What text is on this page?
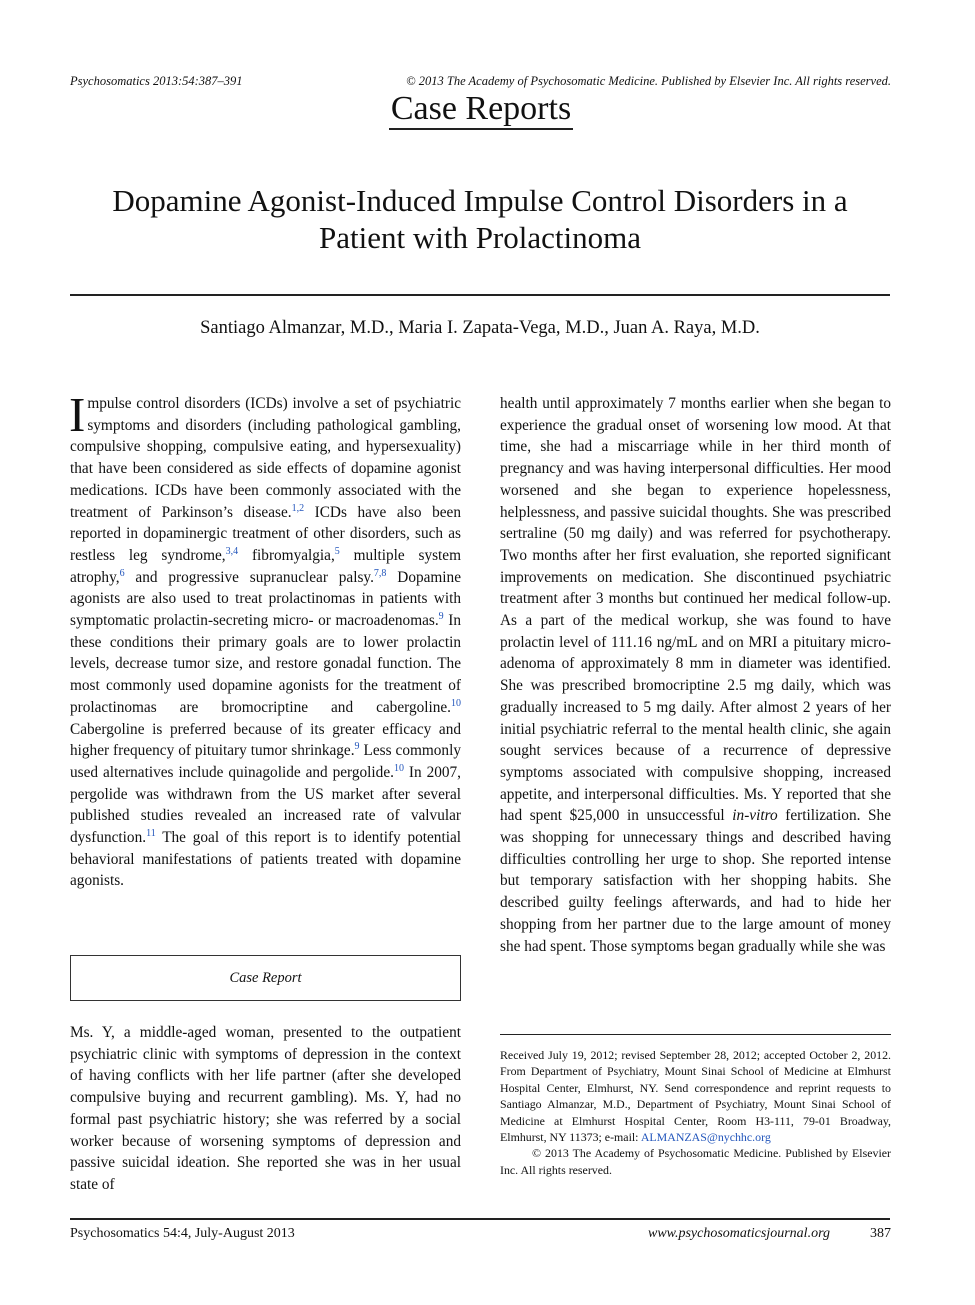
Psychosomatics 2013:54:387–391	© 2013 The Academy of Psychosomatic Medicine. Published by Elsevier Inc. All rights reserved.
Case Reports
Dopamine Agonist-Induced Impulse Control Disorders in a Patient with Prolactinoma
Santiago Almanzar, M.D., Maria I. Zapata-Vega, M.D., Juan A. Raya, M.D.

Impulse control disorders (ICDs) involve a set of psychiatric symptoms and disorders (including pathological gambling, compulsive shopping, compulsive eating, and hypersexuality) that have been considered as side effects of dopamine agonist medications. ICDs have been commonly associated with the treatment of Parkinson’s disease.$^{1,2}$ ICDs have also been reported in dopaminergic treatment of other disorders, such as restless leg syndrome,$^{3,4}$ fibromyalgia,$^5$ multiple system atrophy,$^6$ and progressive supranuclear palsy.$^{7,8}$ Dopamine agonists are also used to treat prolactinomas in patients with symptomatic prolactin-secreting micro- or macroadenomas.$^9$ In these conditions their primary goals are to lower prolactin levels, decrease tumor size, and restore gonadal function. The most commonly used dopamine agonists for the treatment of prolactinomas are bromocriptine and cabergoline.$^{10}$ Cabergoline is preferred because of its greater efficacy and higher frequency of pituitary tumor shrinkage.$^9$ Less commonly used alternatives include quinagolide and pergolide.$^{10}$ In 2007, pergolide was withdrawn from the US market after several published studies revealed an increased rate of valvular dysfunction.$^{11}$ The goal of this report is to identify potential behavioral manifestations of patients treated with dopamine agonists.

Case Report
Ms. Y, a middle-aged woman, presented to the outpatient psychiatric clinic with symptoms of depression in the context of having conflicts with her life partner (after she developed compulsive buying and recurrent gambling). Ms. Y, had no formal past psychiatric history; she was referred by a social worker because of worsening symptoms of depression and passive suicidal ideation. She reported she was in her usual state of

health until approximately 7 months earlier when she began to experience the gradual onset of worsening low mood. At that time, she had a miscarriage while in her third month of pregnancy and was having interpersonal difficulties. Her mood worsened and she began to experience hopelessness, helplessness, and passive suicidal thoughts. She was prescribed sertraline (50 mg daily) and was referred for psychotherapy. Two months after her first evaluation, she reported significant improvements on medication. She discontinued psychiatric treatment after 3 months but continued her medical follow-up. As a part of the medical workup, she was found to have prolactin level of 111.16 ng/mL and on MRI a pituitary micro-adenoma of approximately 8 mm in diameter was identified. She was prescribed bromocriptine 2.5 mg daily, which was gradually increased to 5 mg daily. After almost 2 years of her initial psychiatric referral to the mental health clinic, she again sought services because of a recurrence of depressive symptoms associated with compulsive shopping, increased appetite, and interpersonal difficulties. Ms. Y reported that she had spent $25,000 in unsuccessful in-vitro fertilization. She was shopping for unnecessary things and described having difficulties controlling her urge to shop. She reported intense but temporary satisfaction with her shopping habits. She described guilty feelings afterwards, and had to hide her shopping from her partner due to the large amount of money she had spent. Those symptoms began gradually while she was

Received July 19, 2012; revised September 28, 2012; accepted October 2, 2012. From Department of Psychiatry, Mount Sinai School of Medicine at Elmhurst Hospital Center, Elmhurst, NY. Send correspondence and reprint requests to Santiago Almanzar, M.D., Department of Psychiatry, Mount Sinai School of Medicine at Elmhurst Hospital Center, Room H3-111, 79-01 Broadway, Elmhurst, NY 11373; e-mail: ALMANZAS@nychhc.org

© 2013 The Academy of Psychosomatic Medicine. Published by Elsevier Inc. All rights reserved.

Psychosomatics 54:4, July-August 2013	www.psychosomaticsjournal.org	387
